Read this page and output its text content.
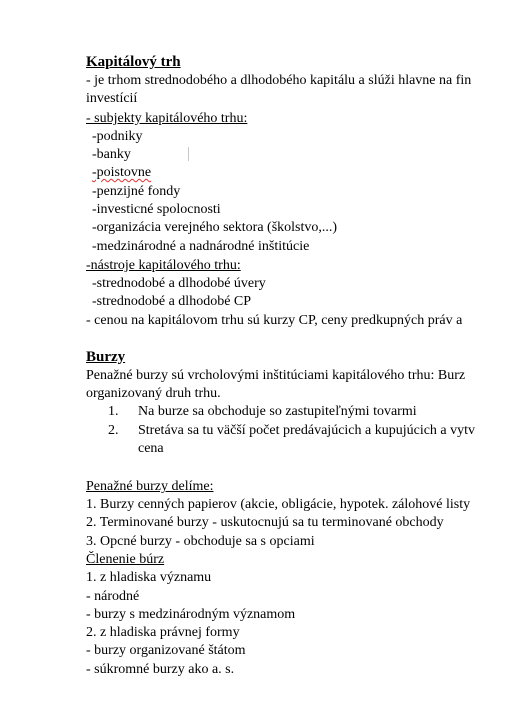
Kapitálový trh
- je trhom strednodobého a dlhodobého kapitálu a slúži hlavne na fin
investícií
- subjekty kapitálového trhu:
-podniky
-banky
-poistovne
-penzijné fondy
-investicné spolocnosti
-organizácia verejného sektora (školstvo,...)
-medzinárodné a nadnárodné inštitúcie
-nástroje kapitálového trhu:
-strednodobé a dlhodobé úvery
-strednodobé a dlhodobé CP
- cenou na kapitálovom trhu sú kurzy CP, ceny predkupných práv a
Burzy
Penažné burzy sú vrcholovými inštitúciami kapitálového trhu: Burz
organizovaný druh trhu.
1. Na burze sa obchoduje so zastupiteľnými tovarmi
2. Stretáva sa tu väčší počet predávajúcich a kupujúcich a vytv
cena
Penažné burzy delíme:
1. Burzy cenných papierov (akcie, obligácie, hypotek. zálohové listy
2. Terminované burzy - uskutocnujú sa tu terminované obchody
3. Opcné burzy - obchoduje sa s opciami
Členenie búrz
1. z hladiska významu
- národné
- burzy s medzinárodným významom
2. z hladiska právnej formy
- burzy organizované štátom
- súkromné burzy ako a. s.
